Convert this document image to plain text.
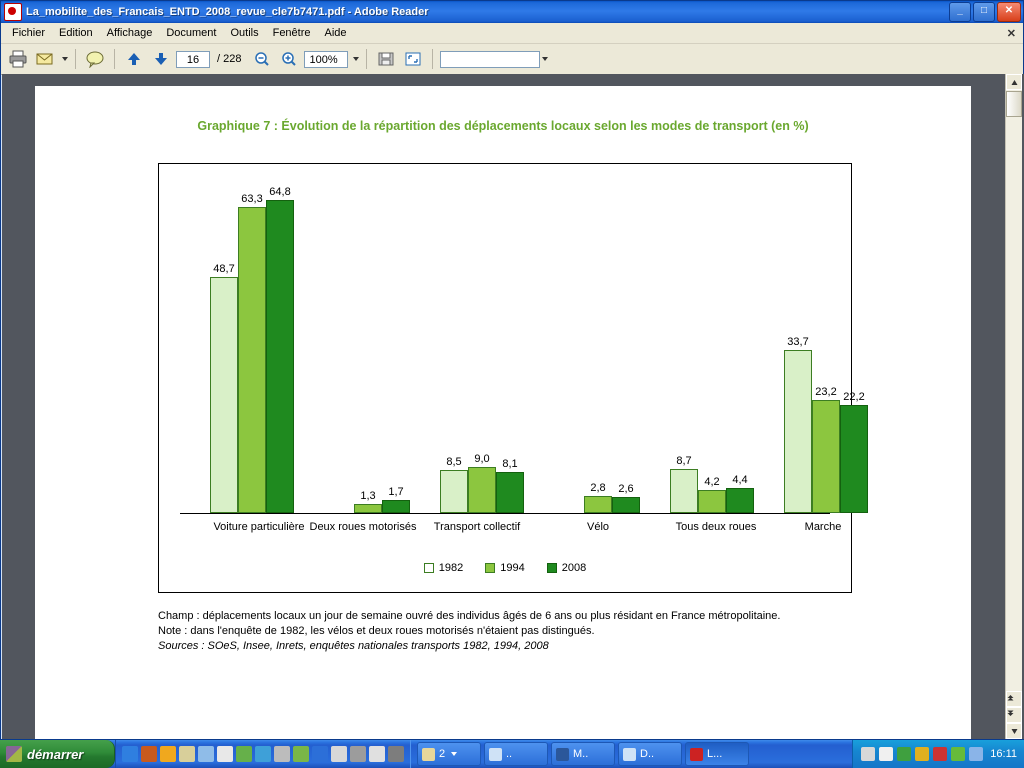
La_mobilite_des_Francais_ENTD_2008_revue_cle7b7471.pdf - Adobe Reader	_	□	✕
Fichier	Edition	Affichage	Document	Outils	Fenêtre	Aide	✕
16	/ 228	100%
Graphique 7 : Évolution de la répartition des déplacements locaux selon les modes de transport (en %)
48,7
63,3
64,8
1,3 1,7
8,5 9,0 8,1
2,8 2,6
8,7
4,2 4,4
33,7
23,2 22,2
Voiture particulière Deux roues motorisés	Transport collectif	Vélo	Tous deux roues	Marche
1982	1994	2008
Champ : déplacements locaux un jour de semaine ouvré des individus âgés de 6 ans ou plus résidant en France métropolitaine.
Note : dans l'enquête de 1982, les vélos et deux roues motorisés n'étaient pas distingués.
Sources : SOeS, Insee, Inrets, enquêtes nationales transports 1982, 1994, 2008
démarrer	2	..	M..	D..	L...	16:11
